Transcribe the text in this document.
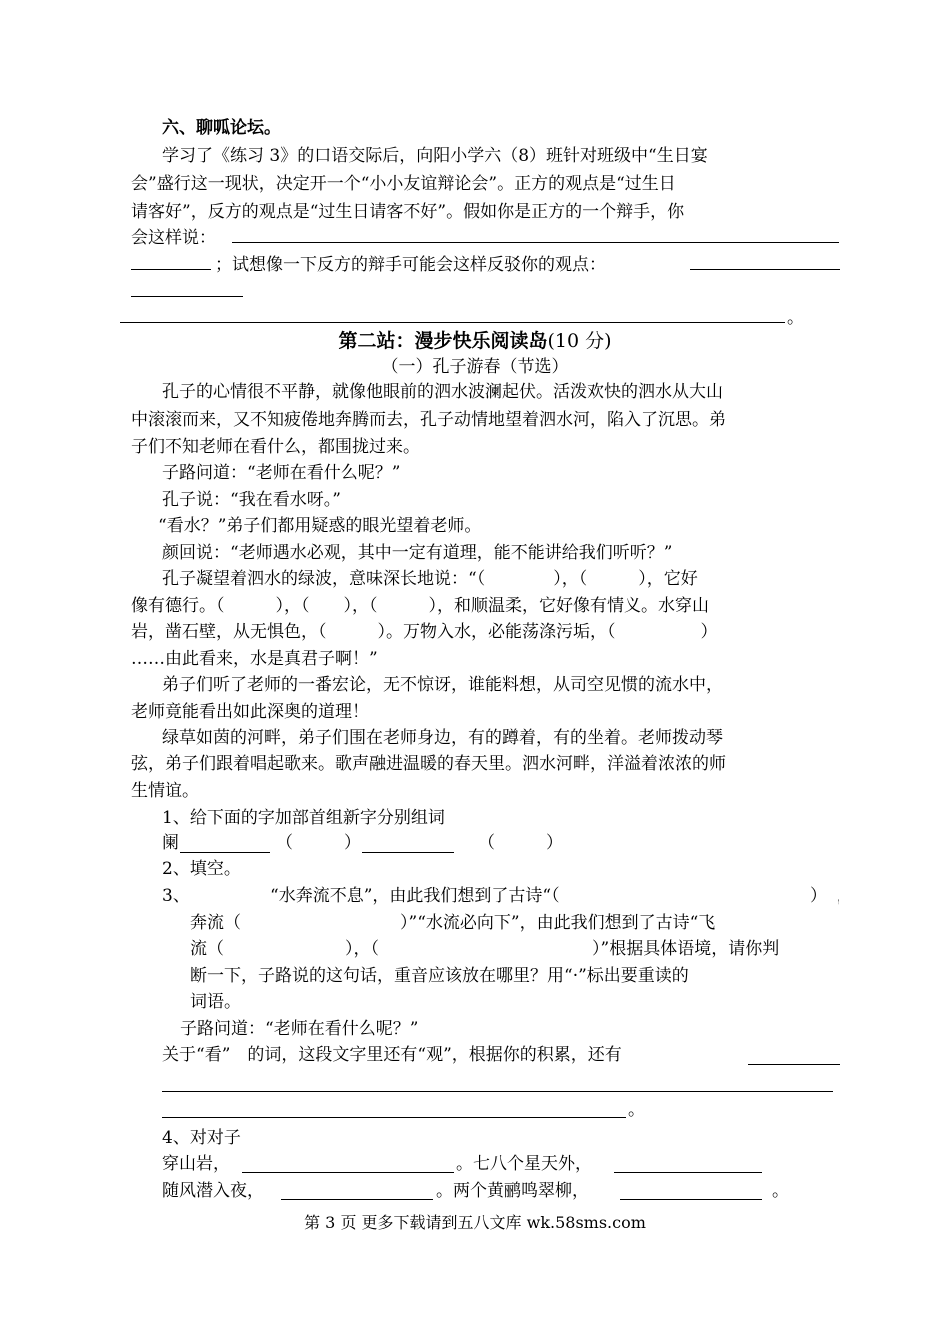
六、聊呱论坛。
学习了《练习 3》的口语交际后，向阳小学六（8）班针对班级中“生日宴
会”盛行这一现状，决定开一个“小小友谊辩论会”。正方的观点是“过生日
请客好”，反方的观点是“过生日请客不好”。假如你是正方的一个辩手，你
会这样说：
；试想像一下反方的辩手可能会这样反驳你的观点：
。
第二站：漫步快乐阅读岛(10 分)
（一）孔子游春（节选）
孔子的心情很不平静，就像他眼前的泗水波澜起伏。活泼欢快的泗水从大山
中滚滚而来，又不知疲倦地奔腾而去，孔子动情地望着泗水河，陷入了沉思。弟
子们不知老师在看什么，都围拢过来。
子路问道：“老师在看什么呢？”
孔子说：“我在看水呀。”
“看水？”弟子们都用疑惑的眼光望着老师。
颜回说：“老师遇水必观，其中一定有道理，能不能讲给我们听听？”
孔子凝望着泗水的绿波，意味深长地说：“（　　　　），（　　　），它好
像有德行。（　　　），（　　），（　　　），和顺温柔，它好像有情义。水穿山
岩，凿石壁，从无惧色，（　　　）。万物入水，必能荡涤污垢，（　　　　　）
……由此看来，水是真君子啊！”
弟子们听了老师的一番宏论，无不惊讶，谁能料想，从司空见惯的流水中，
老师竟能看出如此深奥的道理！
绿草如茵的河畔，弟子们围在老师身边，有的蹲着，有的坐着。老师拨动琴
弦，弟子们跟着唱起歌来。歌声融进温暖的春天里。泗水河畔，洋溢着浓浓的师
生情谊。
1、给下面的字加部首组新字分别组词
阑	（　　　）	（　　　）
2、填空。
3、	“水奔流不息”，由此我们想到了古诗“（	） ，
奔流（	）”“水流必向下”，由此我们想到了古诗“飞
流（	），（	）”根据具体语境，请你判
断一下，子路说的这句话，重音应该放在哪里？用“·”标出要重读的
词语。
子路问道：“老师在看什么呢？”
关于“看”　的词，这段文字里还有“观”，根据你的积累，还有
。
4、对对子
穿山岩，	。七八个星天外，
随风潜入夜，	。两个黄鹂鸣翠柳，	。
第 3 页 更多下载请到五八文库 wk.58sms.com
